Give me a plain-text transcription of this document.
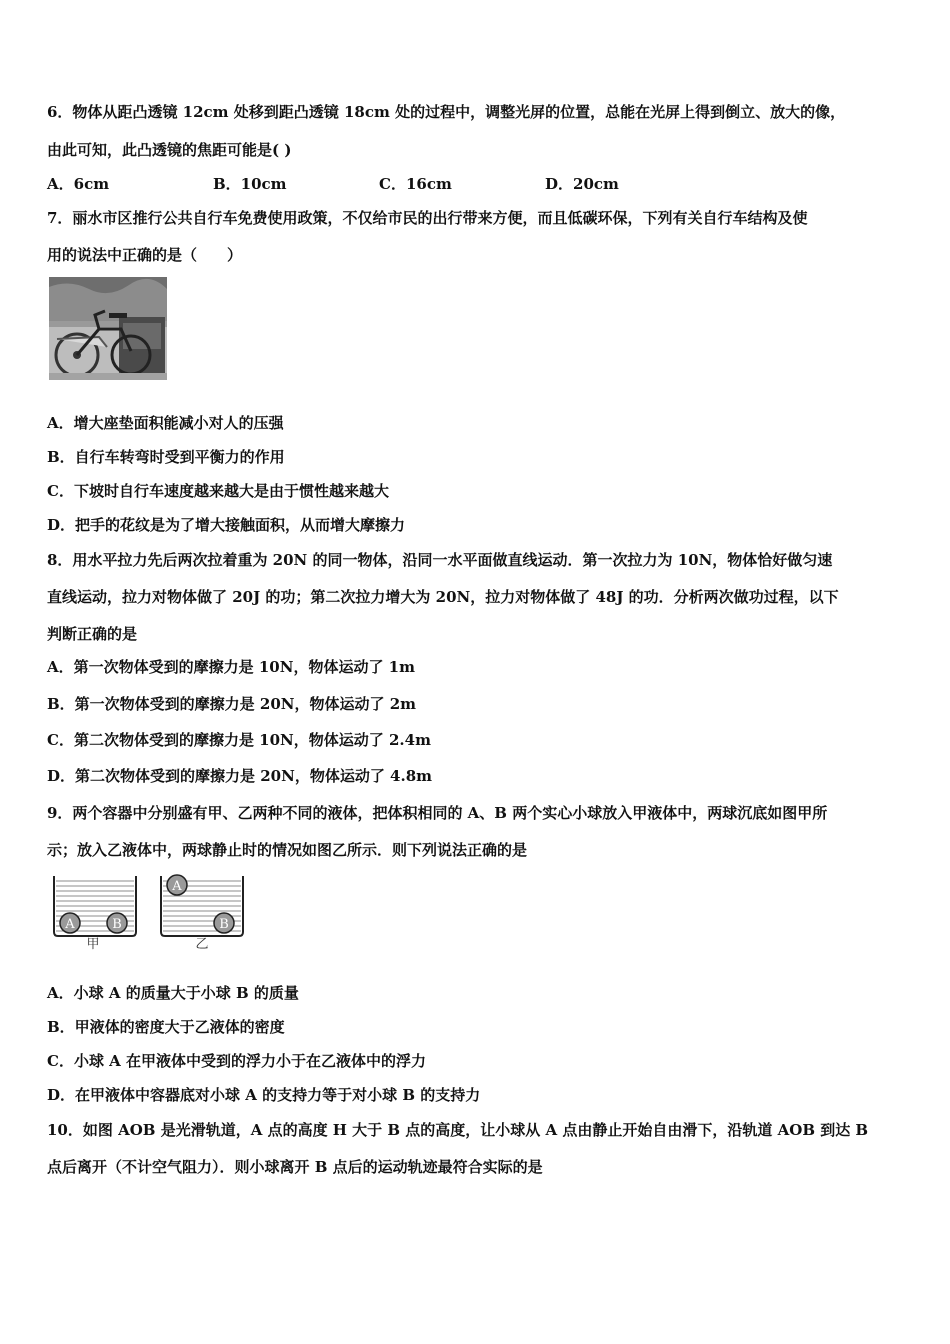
6．物体从距凸透镜 12cm 处移到距凸透镜 18cm 处的过程中，调整光屏的位置，总能在光屏上得到倒立、放大的像，
由此可知，此凸透镜的焦距可能是( )
A．6cm	B．10cm	C．16cm	D．20cm
7．丽水市区推行公共自行车免费使用政策，不仅给市民的出行带来方便，而且低碳环保，下列有关自行车结构及使
用的说法中正确的是（　　）
A．增大座垫面积能减小对人的压强
B．自行车转弯时受到平衡力的作用
C．下坡时自行车速度越来越大是由于惯性越来越大
D．把手的花纹是为了增大接触面积，从而增大摩擦力
8．用水平拉力先后两次拉着重为 20N 的同一物体，沿同一水平面做直线运动．第一次拉力为 10N，物体恰好做匀速
直线运动，拉力对物体做了 20J 的功；第二次拉力增大为 20N，拉力对物体做了 48J 的功．分析两次做功过程，以下
判断正确的是
A．第一次物体受到的摩擦力是 10N，物体运动了 1m
B．第一次物体受到的摩擦力是 20N，物体运动了 2m
C．第二次物体受到的摩擦力是 10N，物体运动了 2.4m
D．第二次物体受到的摩擦力是 20N，物体运动了 4.8m
9．两个容器中分别盛有甲、乙两种不同的液体，把体积相同的 A、B 两个实心小球放入甲液体中，两球沉底如图甲所
示；放入乙液体中，两球静止时的情况如图乙所示．则下列说法正确的是
A	B
甲
A
B
乙
A．小球 A 的质量大于小球 B 的质量
B．甲液体的密度大于乙液体的密度
C．小球 A 在甲液体中受到的浮力小于在乙液体中的浮力
D．在甲液体中容器底对小球 A 的支持力等于对小球 B 的支持力
10．如图 AOB 是光滑轨道，A 点的高度 H 大于 B 点的高度，让小球从 A 点由静止开始自由滑下，沿轨道 AOB 到达 B
点后离开（不计空气阻力）．则小球离开 B 点后的运动轨迹最符合实际的是
